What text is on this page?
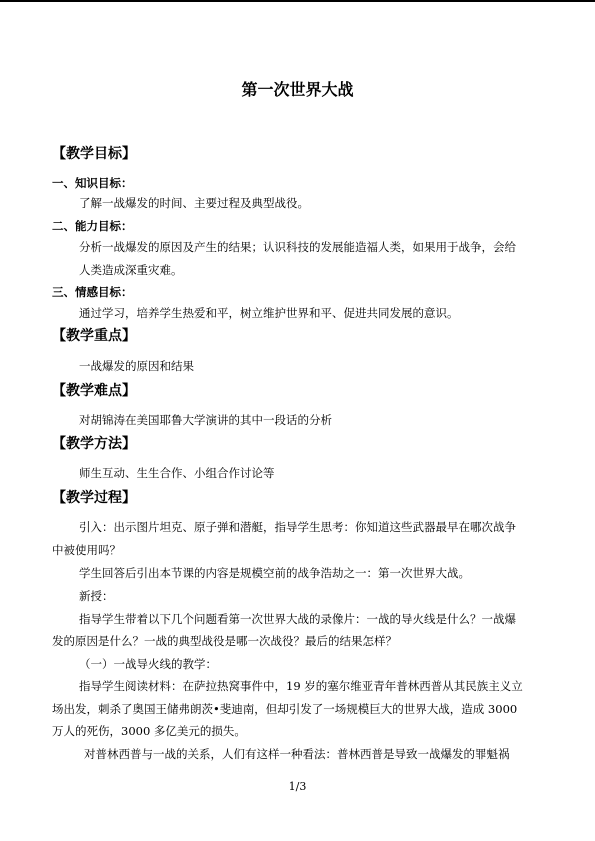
第一次世界大战
【教学目标】
一、知识目标：
了解一战爆发的时间、主要过程及典型战役。
二、能力目标：
分析一战爆发的原因及产生的结果；认识科技的发展能造福人类，如果用于战争，会给
人类造成深重灾难。
三、情感目标：
通过学习，培养学生热爱和平，树立维护世界和平、促进共同发展的意识。
【教学重点】
一战爆发的原因和结果
【教学难点】
对胡锦涛在美国耶鲁大学演讲的其中一段话的分析
【教学方法】
师生互动、生生合作、小组合作讨论等
【教学过程】
引入：出示图片坦克、原子弹和潜艇，指导学生思考：你知道这些武器最早在哪次战争
中被使用吗？
学生回答后引出本节课的内容是规模空前的战争浩劫之一：第一次世界大战。
新授：
指导学生带着以下几个问题看第一次世界大战的录像片：一战的导火线是什么？一战爆
发的原因是什么？一战的典型战役是哪一次战役？最后的结果怎样？
（一）一战导火线的教学：
指导学生阅读材料：在萨拉热窝事件中，19 岁的塞尔维亚青年普林西普从其民族主义立
场出发，刺杀了奥国王储弗朗茨•斐迪南，但却引发了一场规模巨大的世界大战，造成 3000
万人的死伤，3000 多亿美元的损失。
对普林西普与一战的关系，人们有这样一种看法：普林西普是导致一战爆发的罪魁祸
1/3
